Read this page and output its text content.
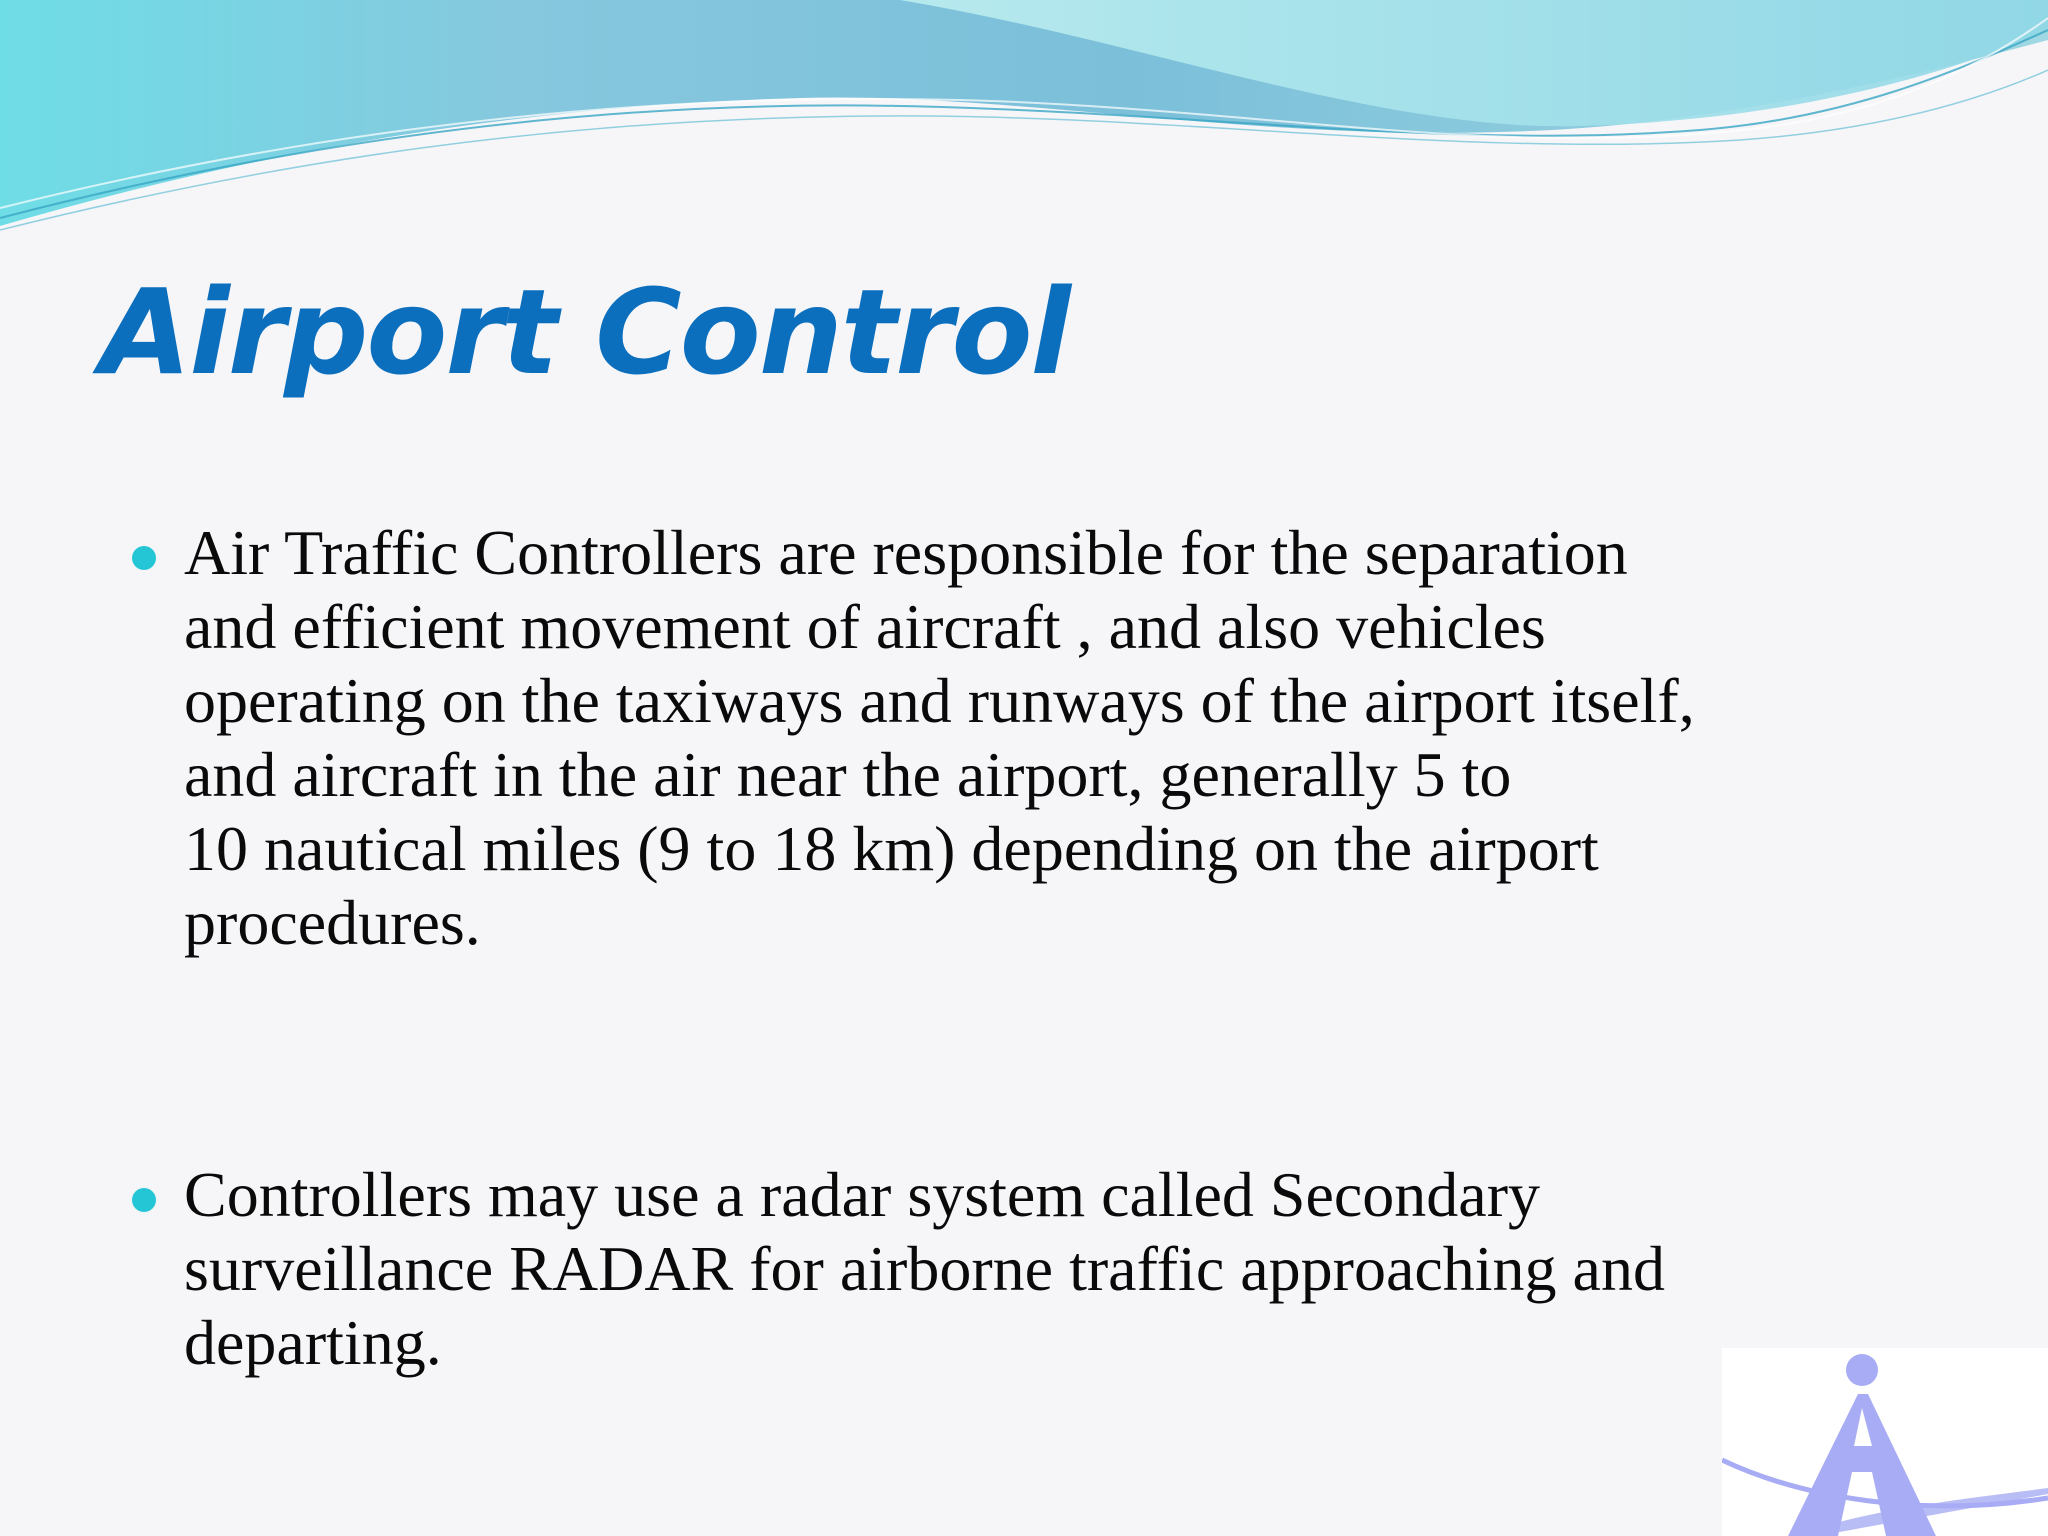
Airport Control

Air Traffic Controllers are responsible for the separation
and efficient movement of aircraft , and also vehicles
operating on the taxiways and runways of the airport itself,
and aircraft in the air near the airport, generally 5 to
10 nautical miles (9 to 18 km) depending on the airport
procedures.

Controllers may use a radar system called Secondary
surveillance RADAR for airborne traffic approaching and
departing.
